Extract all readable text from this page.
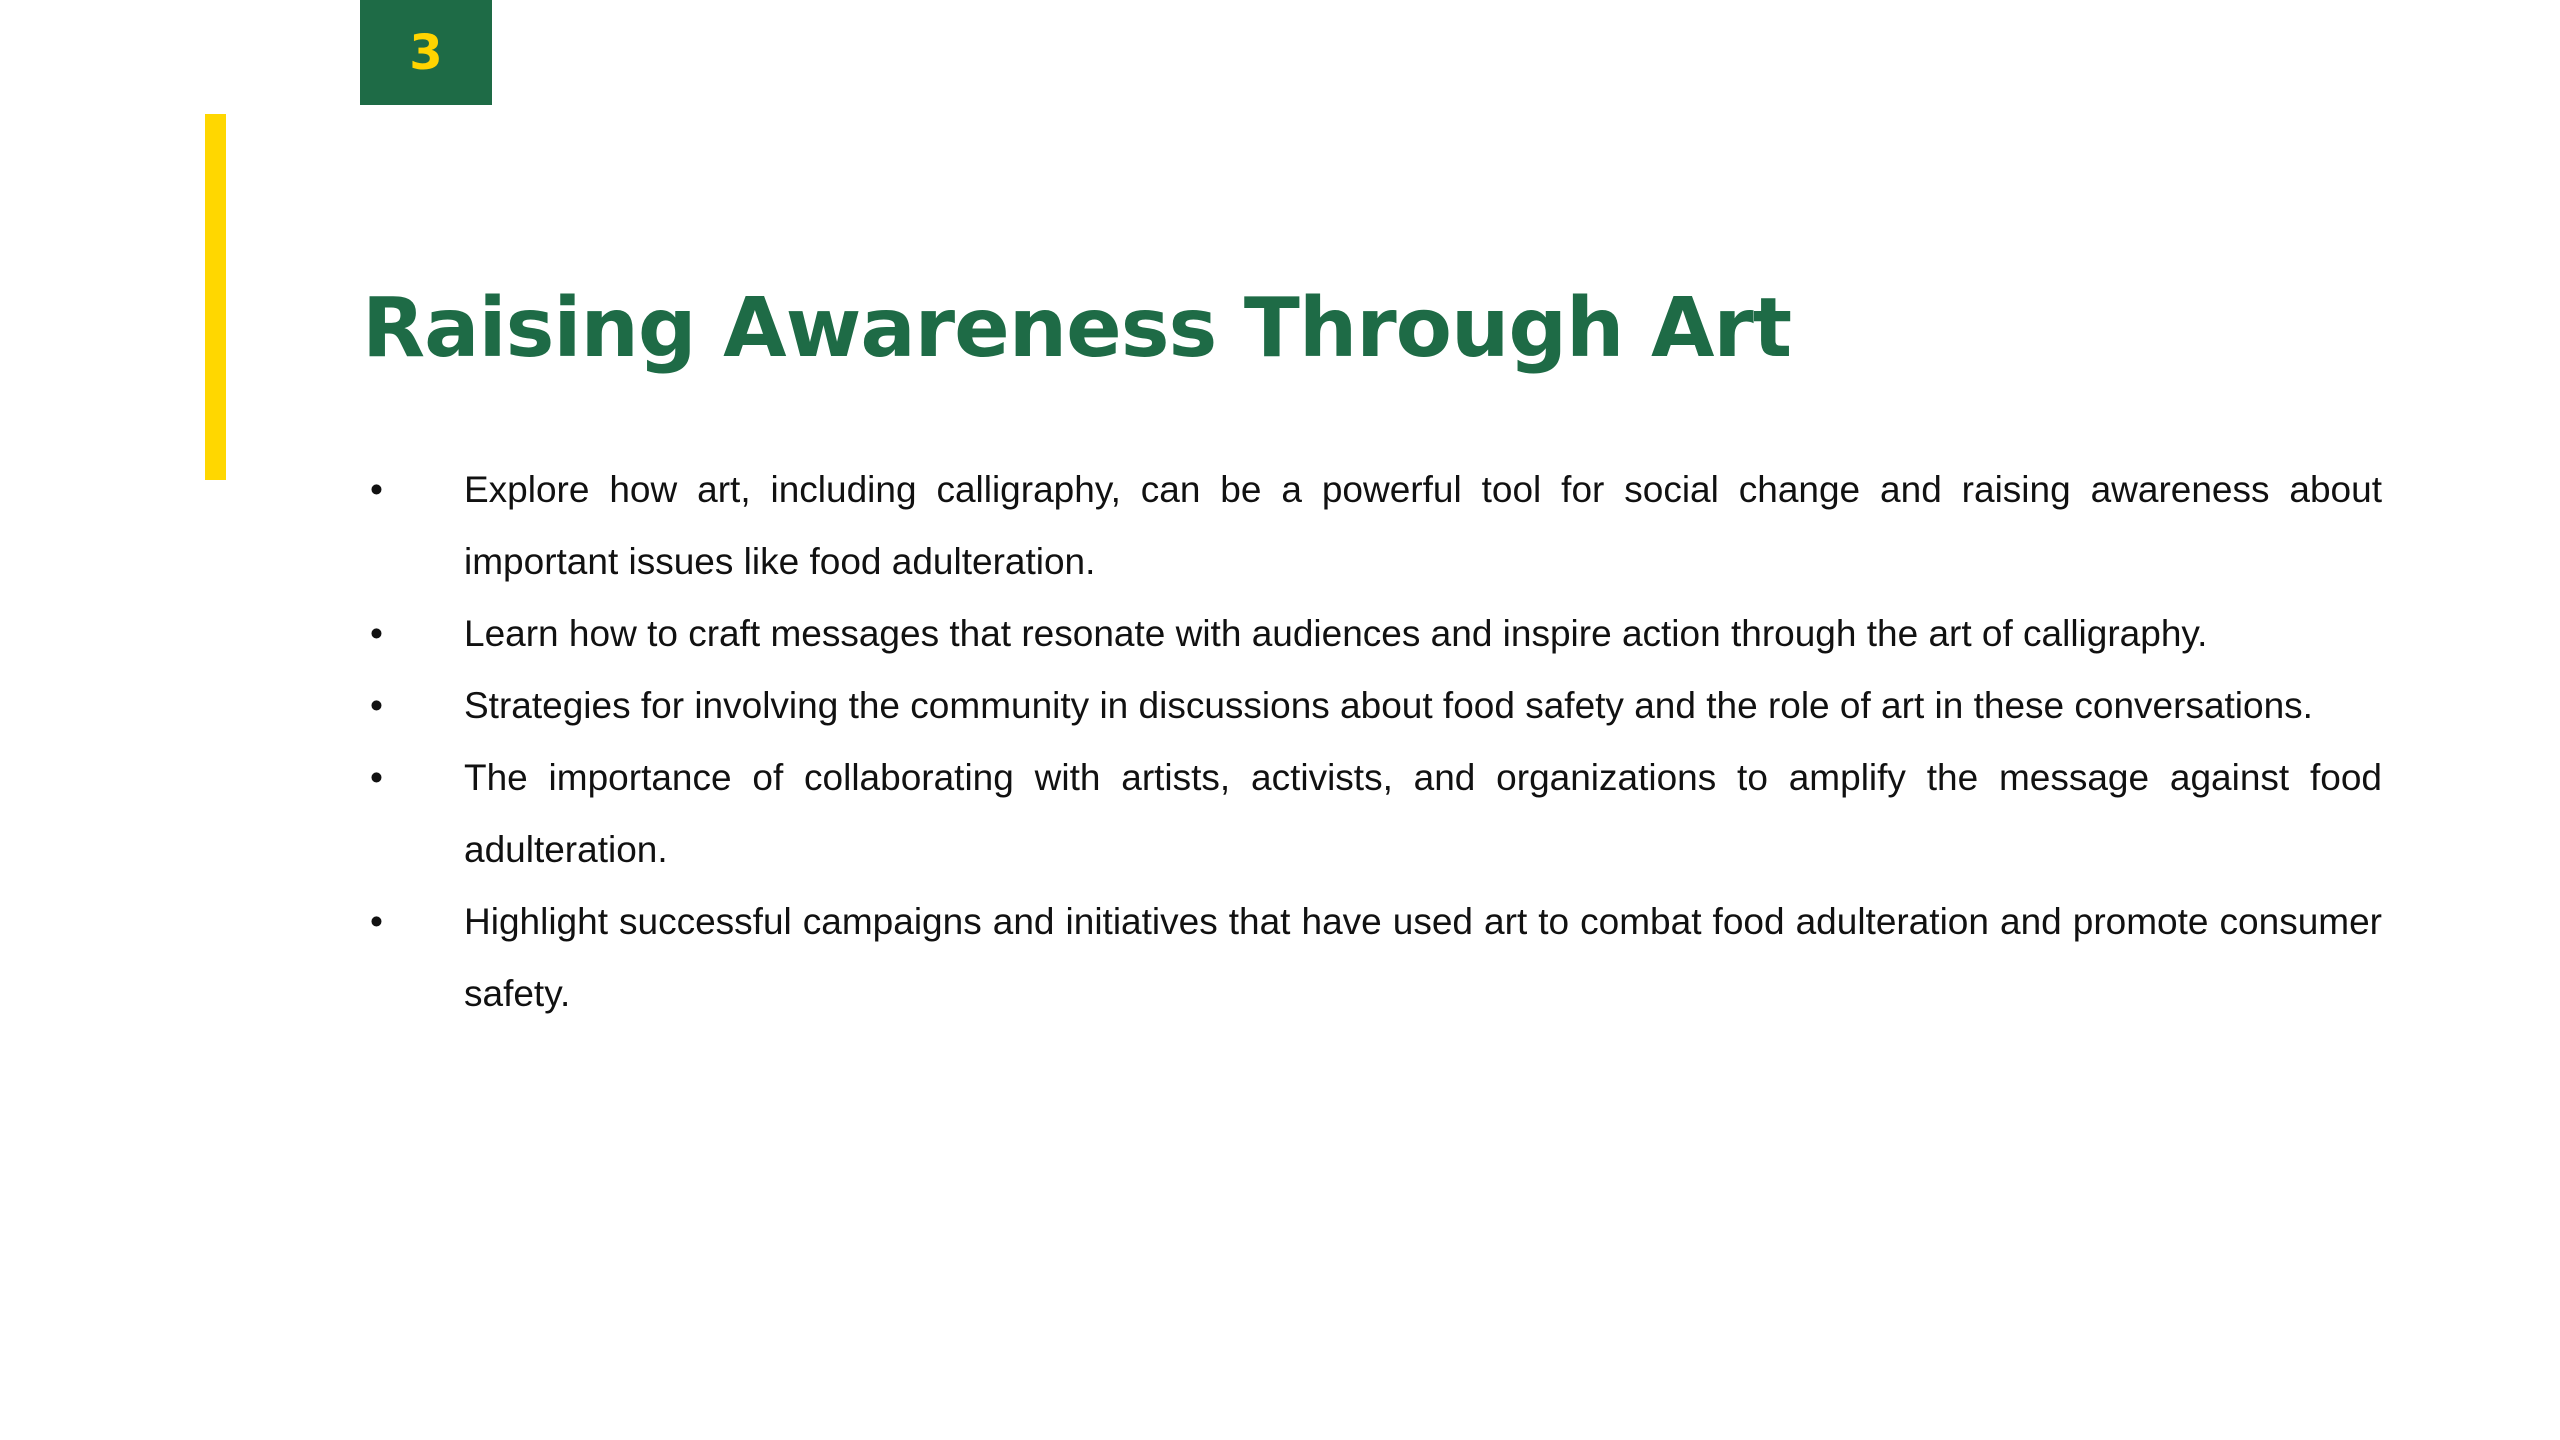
3
Raising Awareness Through Art
• Explore how art, including calligraphy, can be a powerful tool for social change and raising awareness about important issues like food adulteration.
• Learn how to craft messages that resonate with audiences and inspire action through the art of calligraphy.
• Strategies for involving the community in discussions about food safety and the role of art in these conversations.
• The importance of collaborating with artists, activists, and organizations to amplify the message against food adulteration.
• Highlight successful campaigns and initiatives that have used art to combat food adulteration and promote consumer safety.
